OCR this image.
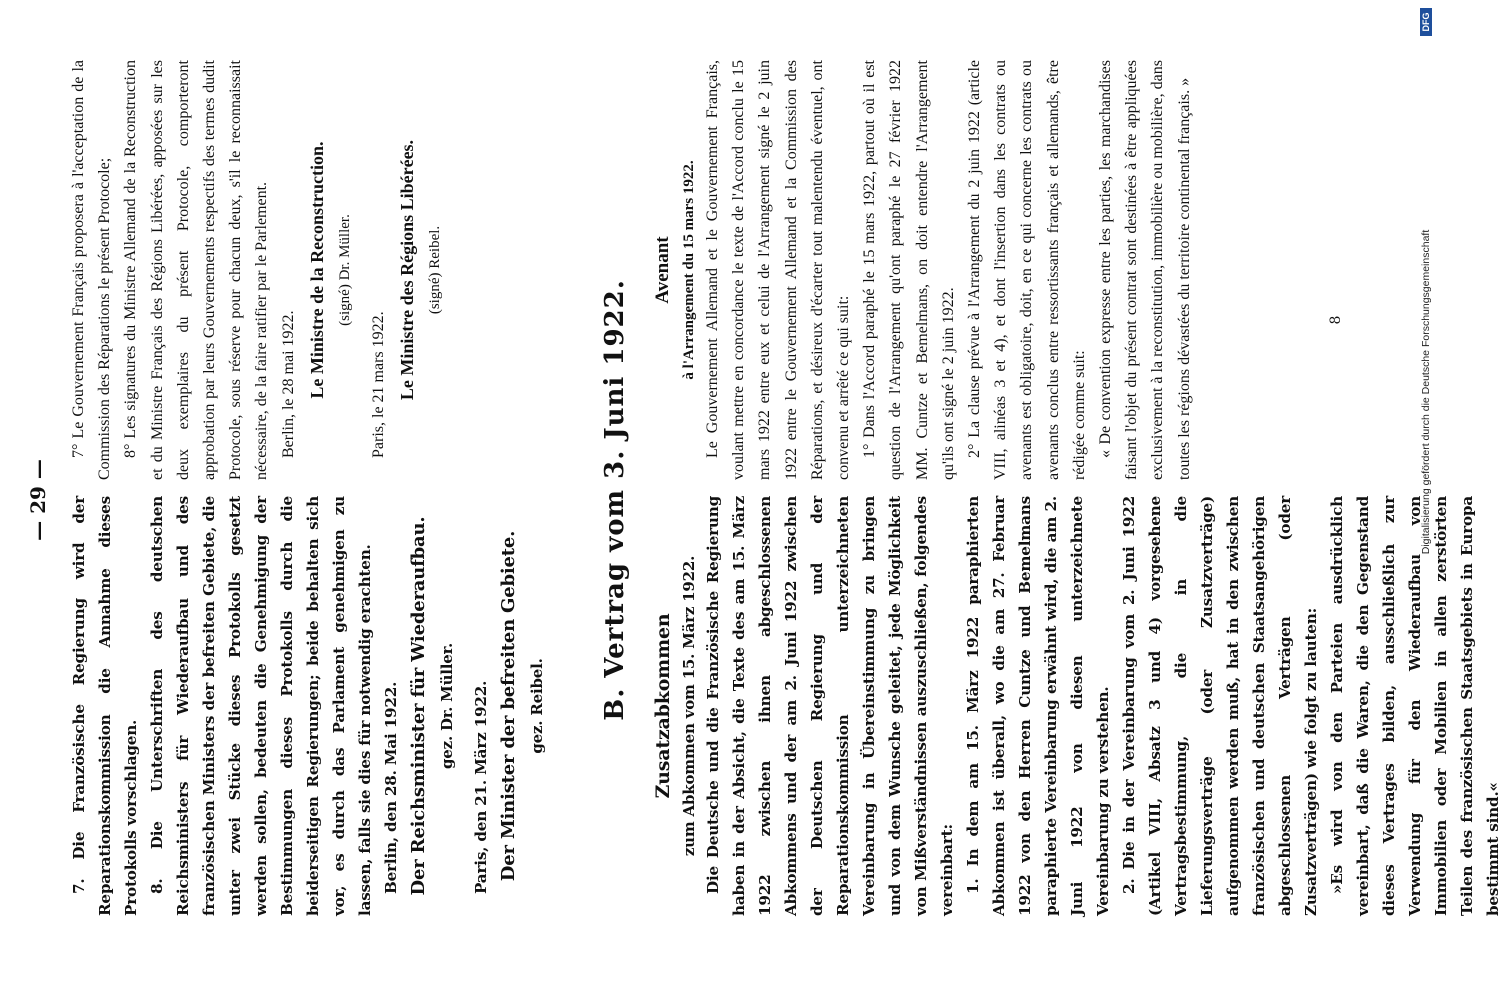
— 29 — 7. Die Französische Regierung wird der Reparationskommission die Annahme dieses Protokolls vorschlagen. 8. Die Unterschriften des deutschen Reichsministers für Wiederaufbau und des französischen Ministers der befreiten Gebiete, die unter zwei Stücke dieses Protokolls gesetzt werden sollen, bedeuten die Genehmigung der Bestimmungen dieses Protokolls durch die beiderseitigen Regierungen; beide behalten sich vor, es durch das Parlament genehmigen zu lassen, falls sie dies für notwendig erachten. Berlin, den 28. Mai 1922. Der Reichsminister für Wiederaufbau. gez. Dr. Müller. Paris, den 21. März 1922. Der Minister der befreiten Gebiete. gez. Reibel.

7° Le Gouvernement Français proposera à l'acceptation de la Commission des Réparations le présent Protocole; 8° Les signatures du Ministre Allemand de la Reconstruction et du Ministre Français des Régions Libérées, apposées sur les deux exemplaires du présent Protocole, comporteront approbation par leurs Gouvernements respectifs des termes dudit Protocole, sous réserve pour chacun deux, s'il le reconnaissait nécessaire, de la faire ratifier par le Parlement. Berlin, le 28 mai 1922. Le Ministre de la Reconstruction. (signé) Dr. Müller.

Paris, le 21 mars 1922. Le Ministre des Régions Libérées. (signé) Reibel.

B. Vertrag vom 3. Juni 1922. Zusatzabkommen zum Abkommen vom 15. März 1922. Die Deutsche und die Französische Regierung haben in der Absicht, die Texte des am 15. März 1922 zwischen ihnen abgeschlossenen Abkommens und der am 2. Juni 1922 zwischen der Deutschen Regierung und der Reparationskommission unterzeichneten Vereinbarung in Übereinstimmung zu bringen und von dem Wunsche geleitet, jede Möglichkeit von Mißverständnissen auszuschließen, folgendes vereinbart: 1. In dem am 15. März 1922 paraphierten Abkommen ist überall, wo die am 27. Februar 1922 von den Herren Cuntze und Bemelmans paraphierte Vereinbarung erwähnt wird, die am 2. Juni 1922 von diesen unterzeichnete Vereinbarung zu verstehen. 2. Die in der Vereinbarung vom 2. Juni 1922 (Artikel VIII, Absatz 3 und 4) vorgesehene Vertragsbestimmung, die in die Lieferungsverträge (oder Zusatzverträge) aufgenommen werden muß, hat in den zwischen französischen und deutschen Staatsangehörigen abgeschlossenen Verträgen (oder Zusatzverträgen) wie folgt zu lauten: »Es wird von den Parteien ausdrücklich vereinbart, daß die Waren, die den Gegenstand dieses Vertrages bilden, ausschließlich zur Verwendung für den Wiederaufbau von Immobilien oder Mobilien in allen zerstörten Teilen des französischen Staatsgebiets in Europa bestimmt sind.«

Avenant à l'Arrangement du 15 mars 1922. Le Gouvernement Allemand et le Gouvernement Français, voulant mettre en concordance le texte de l'Accord conclu le 15 mars 1922 entre eux et celui de l'Arrangement signé le 2 juin 1922 entre le Gouvernement Allemand et la Commission des Réparations, et désireux d'écarter tout malentendu éventuel, ont convenu et arrêté ce qui suit: 1° Dans l'Accord paraphé le 15 mars 1922, partout où il est question de l'Arrangement qu'ont paraphé le 27 février 1922 MM. Cuntze et Bemelmans, on doit entendre l'Arrangement qu'ils ont signé le 2 juin 1922. 2° La clause prévue à l'Arrangement du 2 juin 1922 (article VIII, alinéas 3 et 4), et dont l'insertion dans les contrats ou avenants est obligatoire, doit, en ce qui concerne les contrats ou avenants conclus entre ressortissants français et allemands, être rédigée comme suit: « De convention expresse entre les parties, les marchandises faisant l'objet du présent contrat sont destinées à être appliquées exclusivement à la reconstitution, immobilière ou mobilière, dans toutes les régions dévastées du territoire continental français. »	8	Digitalisierung gefördert durch die Deutsche Forschungsgemeinschaft
DFG
